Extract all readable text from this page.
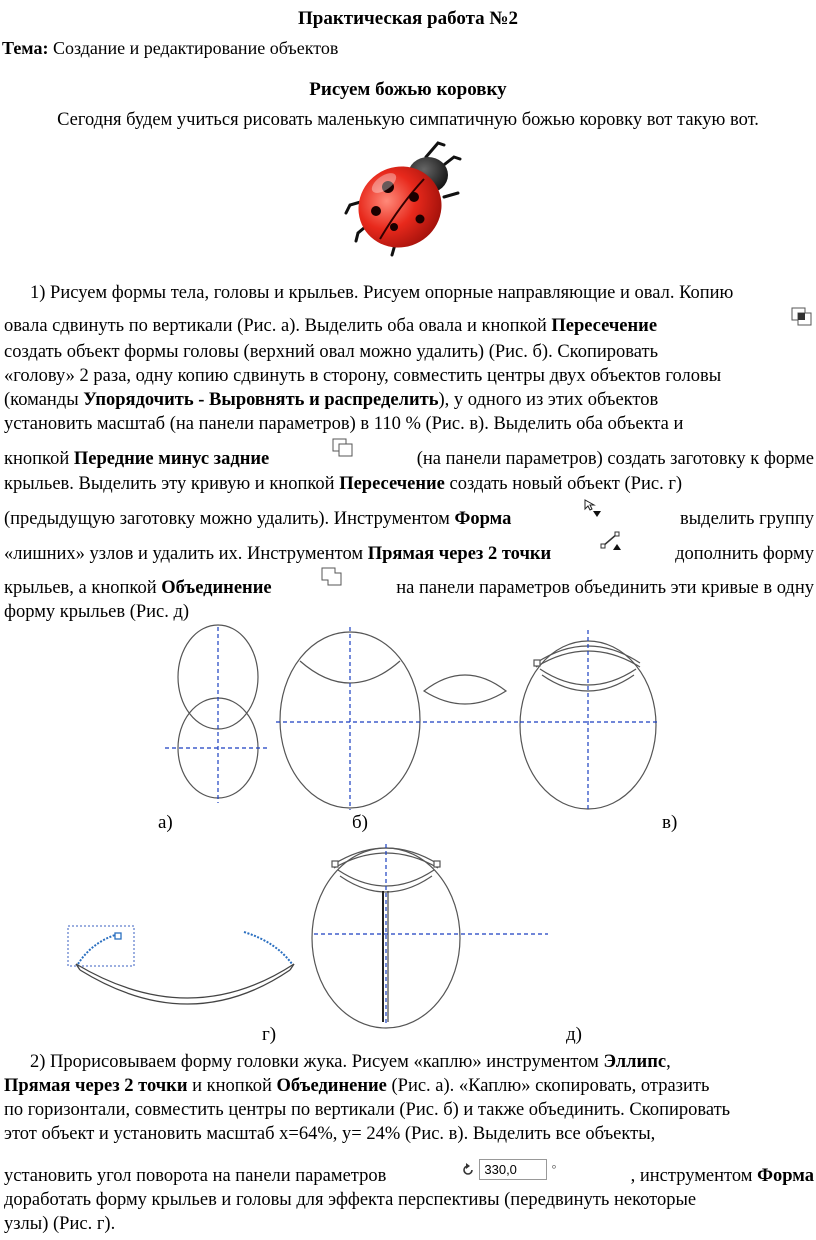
Практическая работа №2
Тема: Создание и редактирование объектов
Рисуем божью коровку
Сегодня будем учиться рисовать маленькую симпатичную божью коровку вот такую вот.
1) Рисуем формы тела, головы и крыльев. Рисуем опорные направляющие и овал. Копию
овала сдвинуть по вертикали (Рис. а). Выделить оба овала и кнопкой Пересечение
создать объект формы головы (верхний овал можно удалить) (Рис. б). Скопировать
«голову» 2 раза, одну копию сдвинуть в сторону, совместить центры двух объектов головы
(команды Упорядочить - Выровнять и распределить), у одного из этих объектов
установить масштаб (на панели параметров) в 110 % (Рис. в). Выделить оба объекта и
кнопкой Передние минус задние	(на панели параметров) создать заготовку к форме
крыльев. Выделить эту кривую и кнопкой Пересечение создать новый объект (Рис. г)
(предыдущую заготовку можно удалить). Инструментом Форма	выделить группу
«лишних» узлов и удалить их. Инструментом Прямая через 2 точки	дополнить форму
крыльев, а кнопкой Объединение	на панели параметров объединить эти кривые в одну
форму крыльев (Рис. д)
а)	б)	в)
г)	д)
2) Прорисовываем форму головки жука. Рисуем «каплю» инструментом Эллипс,
Прямая через 2 точки и кнопкой Объединение (Рис. а). «Каплю» скопировать, отразить
по горизонтали, совместить центры по вертикали (Рис. б) и также объединить. Скопировать
этот объект и установить масштаб x=64%, y= 24% (Рис. в). Выделить все объекты,
установить угол поворота на панели параметров	330,0	°	, инструментом Форма
доработать форму крыльев и головы для эффекта перспективы (передвинуть некоторые
узлы) (Рис. г).
